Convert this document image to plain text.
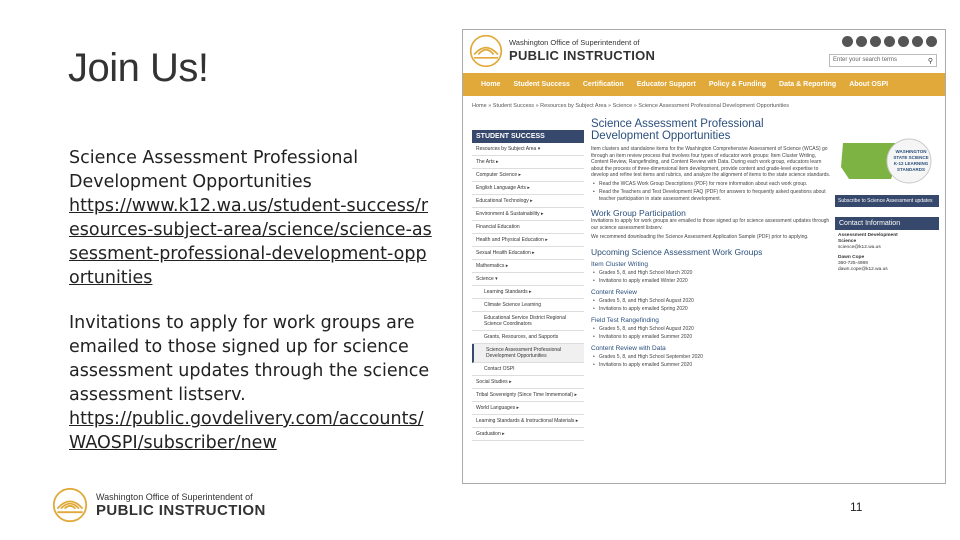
Join Us!
Science Assessment Professional Development Opportunities
https://www.k12.wa.us/student-success/resources-subject-area/science/science-assessment-professional-development-opportunities
Invitations to apply for work groups are emailed to those signed up for science assessment updates through the science assessment listserv.
https://public.govdelivery.com/accounts/WAOSPI/subscriber/new
Washington Office of Superintendent of
PUBLIC INSTRUCTION	11
Washington Office of Superintendent of
PUBLIC INSTRUCTION	Enter your search terms	⚲
Home Student Success Certification Educator Support Policy & Funding Data & Reporting About OSPI
Home » Student Success » Resources by Subject Area » Science » Science Assessment Professional Development Opportunities
STUDENT SUCCESS
Resources by Subject Area ▾
The Arts ▸
Computer Science ▸
English Language Arts ▸
Educational Technology ▸
Environment & Sustainability ▸
Financial Education
Health and Physical Education ▸
Sexual Health Education ▸
Mathematics ▸
Science ▾
Learning Standards ▸
Climate Science Learning
Educational Service District Regional Science Coordinators
Grants, Resources, and Supports
Science Assessment Professional Development Opportunities
Contact OSPI
Social Studies ▸
Tribal Sovereignty (Since Time Immemorial) ▸
World Languages ▸
Learning Standards & Instructional Materials ▸
Graduation ▸
Science Assessment Professional Development Opportunities
Item clusters and standalone items for the Washington Comprehensive Assessment of Science (WCAS) go through an item review process that involves four types of educator work groups: Item Cluster Writing, Content Review, Rangefinding, and Content Review with Data. During each work group, educators learn about the process of three-dimensional item development, provide content and grade-level expertise to develop and refine test items and rubrics, and analyze the alignment of items to the state science standards.
• Read the WCAS Work Group Descriptions (PDF) for more information about each work group.
• Read the Teachers and Test Development FAQ (PDF) for answers to frequently asked questions about teacher participation in state assessment development.
Work Group Participation
Invitations to apply for work groups are emailed to those signed up for science assessment updates through our science assessment listserv.
We recommend downloading the Science Assessment Application Sample (PDF) prior to applying.
Upcoming Science Assessment Work Groups
Item Cluster Writing
• Grades 5, 8, and High School March 2020
• Invitations to apply emailed Winter 2020
Content Review
• Grades 5, 8, and High School August 2020
• Invitations to apply emailed Spring 2020
Field Test Rangefinding
• Grades 5, 8, and High School August 2020
• Invitations to apply emailed Summer 2020
Content Review with Data
• Grades 5, 8, and High School September 2020
• Invitations to apply emailed Summer 2020
WASHINGTON STATE SCIENCE K-12 LEARNING STANDARDS
Subscribe to Science Assessment updates
Contact Information
Assessment Development
Science
science@k12.wa.us
Dawn Cope
360-725-4989
dawn.cope@k12.wa.us
